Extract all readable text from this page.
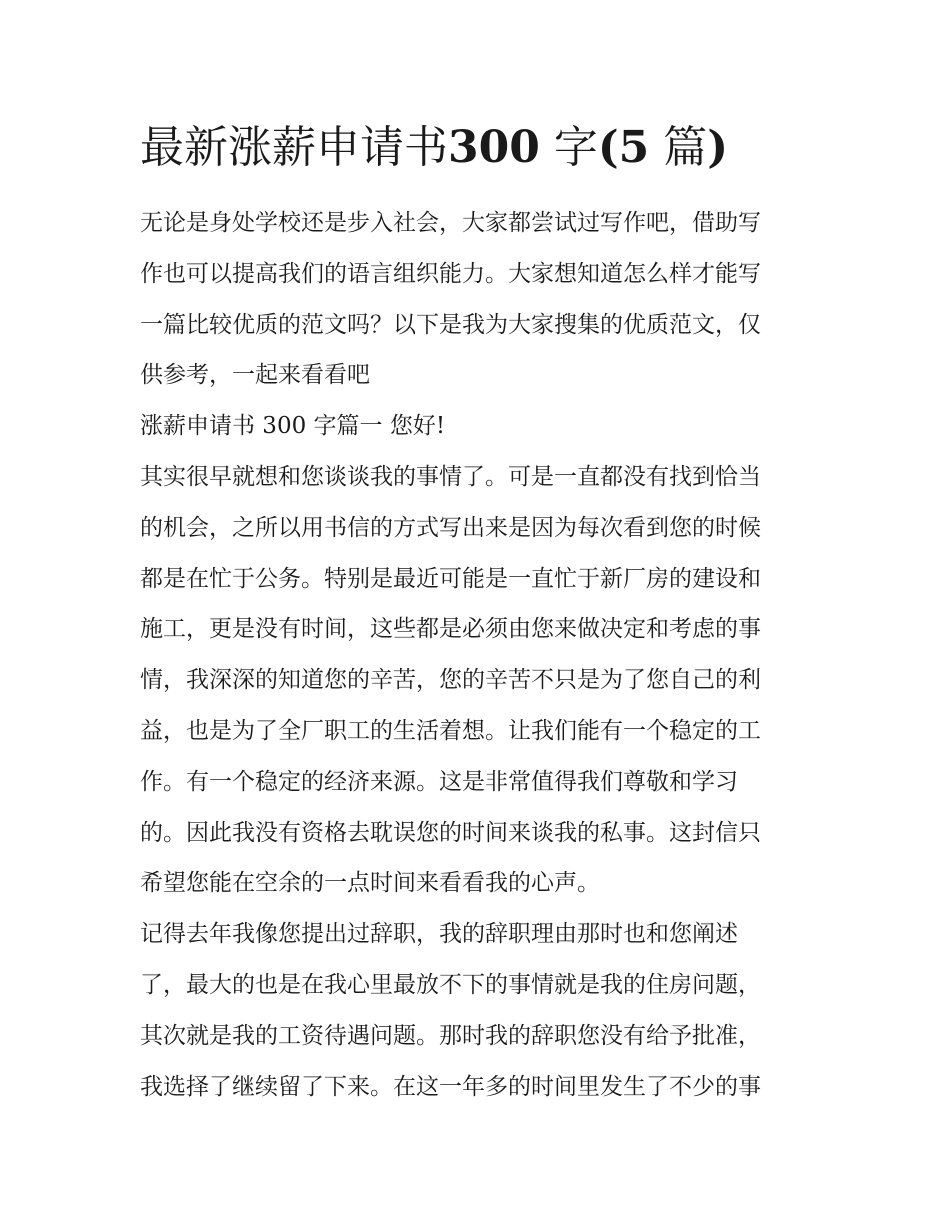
最新涨薪申请书300 字(5 篇)
无论是身处学校还是步入社会，大家都尝试过写作吧，借助写
作也可以提高我们的语言组织能力。大家想知道怎么样才能写
一篇比较优质的范文吗？以下是我为大家搜集的优质范文，仅
供参考，一起来看看吧
涨薪申请书 300 字篇一 您好!
其实很早就想和您谈谈我的事情了。可是一直都没有找到恰当
的机会，之所以用书信的方式写出来是因为每次看到您的时候
都是在忙于公务。特别是最近可能是一直忙于新厂房的建设和
施工，更是没有时间，这些都是必须由您来做决定和考虑的事
情，我深深的知道您的辛苦，您的辛苦不只是为了您自己的利
益，也是为了全厂职工的生活着想。让我们能有一个稳定的工
作。有一个稳定的经济来源。这是非常值得我们尊敬和学习
的。因此我没有资格去耽误您的时间来谈我的私事。这封信只
希望您能在空余的一点时间来看看我的心声。
记得去年我像您提出过辞职，我的辞职理由那时也和您阐述
了，最大的也是在我心里最放不下的事情就是我的住房问题，
其次就是我的工资待遇问题。那时我的辞职您没有给予批准，
我选择了继续留了下来。在这一年多的时间里发生了不少的事
